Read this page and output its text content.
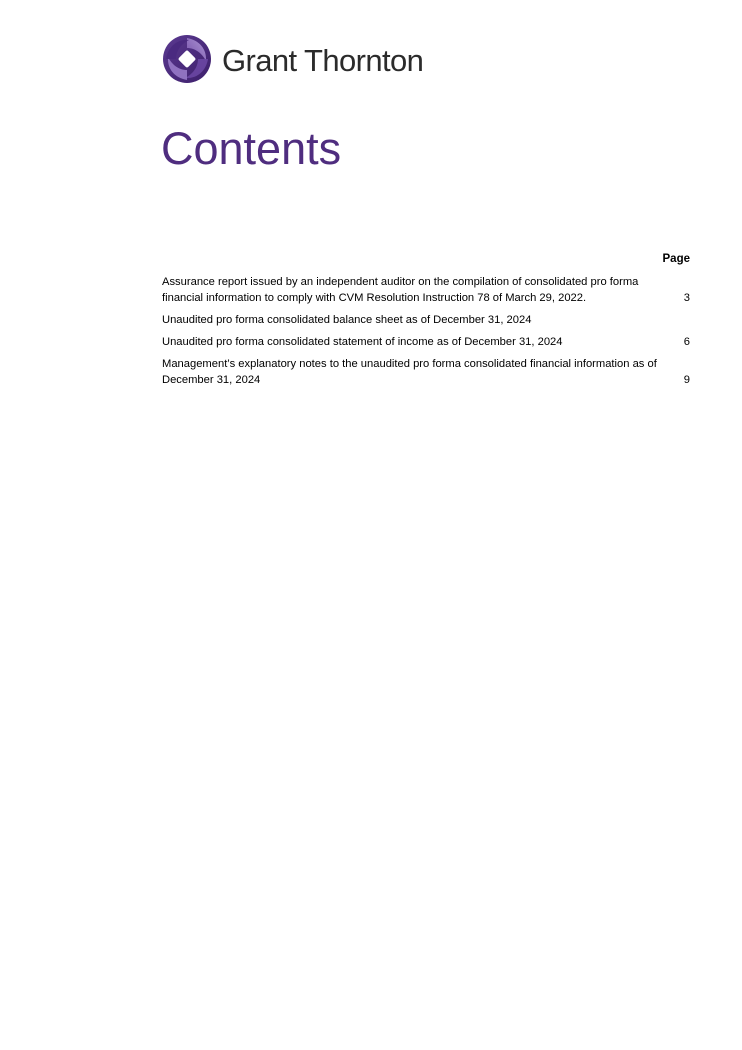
Grant Thornton
Contents
Page
Assurance report issued by an independent auditor on the compilation of consolidated pro forma financial information to comply with CVM Resolution Instruction 78 of March 29, 2022.	3
Unaudited pro forma consolidated balance sheet as of December 31, 2024
Unaudited pro forma consolidated statement of income as of December 31, 2024	6
Management’s explanatory notes to the unaudited pro forma consolidated financial information as of December 31, 2024	9
